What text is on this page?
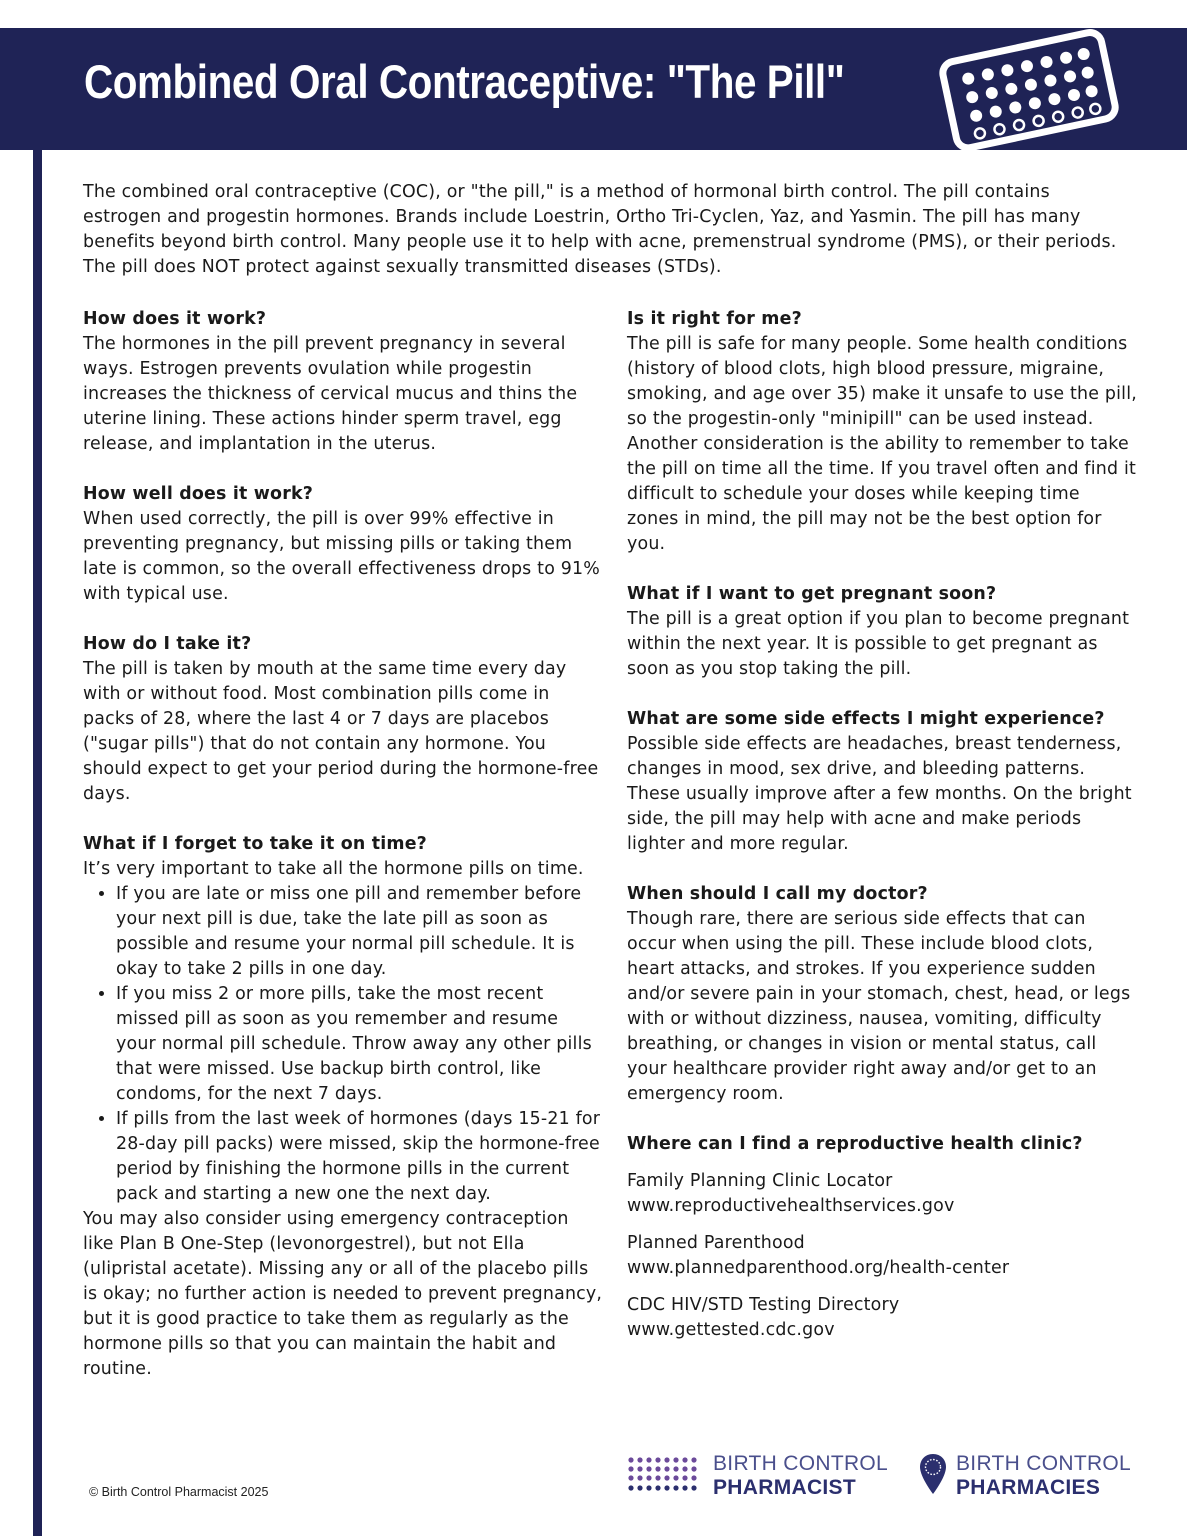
Combined Oral Contraceptive: "The Pill"

The combined oral contraceptive (COC), or "the pill," is a method of hormonal birth control. The pill contains estrogen and progestin hormones. Brands include Loestrin, Ortho Tri-Cyclen, Yaz, and Yasmin. The pill has many benefits beyond birth control. Many people use it to help with acne, premenstrual syndrome (PMS), or their periods. The pill does NOT protect against sexually transmitted diseases (STDs).

How does it work?

The hormones in the pill prevent pregnancy in several ways. Estrogen prevents ovulation while progestin increases the thickness of cervical mucus and thins the uterine lining. These actions hinder sperm travel, egg release, and implantation in the uterus.

How well does it work?

When used correctly, the pill is over 99% effective in preventing pregnancy, but missing pills or taking them late is common, so the overall effectiveness drops to 91% with typical use.

How do I take it?

The pill is taken by mouth at the same time every day with or without food. Most combination pills come in packs of 28, where the last 4 or 7 days are placebos ("sugar pills") that do not contain any hormone. You should expect to get your period during the hormone-free days.

What if I forget to take it on time?

It’s very important to take all the hormone pills on time.

• If you are late or miss one pill and remember before your next pill is due, take the late pill as soon as possible and resume your normal pill schedule. It is okay to take 2 pills in one day.
• If you miss 2 or more pills, take the most recent missed pill as soon as you remember and resume your normal pill schedule. Throw away any other pills that were missed. Use backup birth control, like condoms, for the next 7 days.
• If pills from the last week of hormones (days 15-21 for 28-day pill packs) were missed, skip the hormone-free period by finishing the hormone pills in the current pack and starting a new one the next day.

You may also consider using emergency contraception like Plan B One-Step (levonorgestrel), but not Ella (ulipristal acetate). Missing any or all of the placebo pills is okay; no further action is needed to prevent pregnancy, but it is good practice to take them as regularly as the hormone pills so that you can maintain the habit and routine.

Is it right for me?

The pill is safe for many people. Some health conditions (history of blood clots, high blood pressure, migraine, smoking, and age over 35) make it unsafe to use the pill, so the progestin-only "minipill" can be used instead. Another consideration is the ability to remember to take the pill on time all the time. If you travel often and find it difficult to schedule your doses while keeping time zones in mind, the pill may not be the best option for you.

What if I want to get pregnant soon?

The pill is a great option if you plan to become pregnant within the next year. It is possible to get pregnant as soon as you stop taking the pill.

What are some side effects I might experience?

Possible side effects are headaches, breast tenderness, changes in mood, sex drive, and bleeding patterns. These usually improve after a few months. On the bright side, the pill may help with acne and make periods lighter and more regular.

When should I call my doctor?

Though rare, there are serious side effects that can occur when using the pill. These include blood clots, heart attacks, and strokes. If you experience sudden and/or severe pain in your stomach, chest, head, or legs with or without dizziness, nausea, vomiting, difficulty breathing, or changes in vision or mental status, call your healthcare provider right away and/or get to an emergency room.

Where can I find a reproductive health clinic?

Family Planning Clinic Locator

www.reproductivehealthservices.gov

Planned Parenthood

www.plannedparenthood.org/health-center

CDC HIV/STD Testing Directory

www.gettested.cdc.gov

© Birth Control Pharmacist 2025
BIRTH CONTROL
PHARMACIST
BIRTH CONTROL
PHARMACIES
